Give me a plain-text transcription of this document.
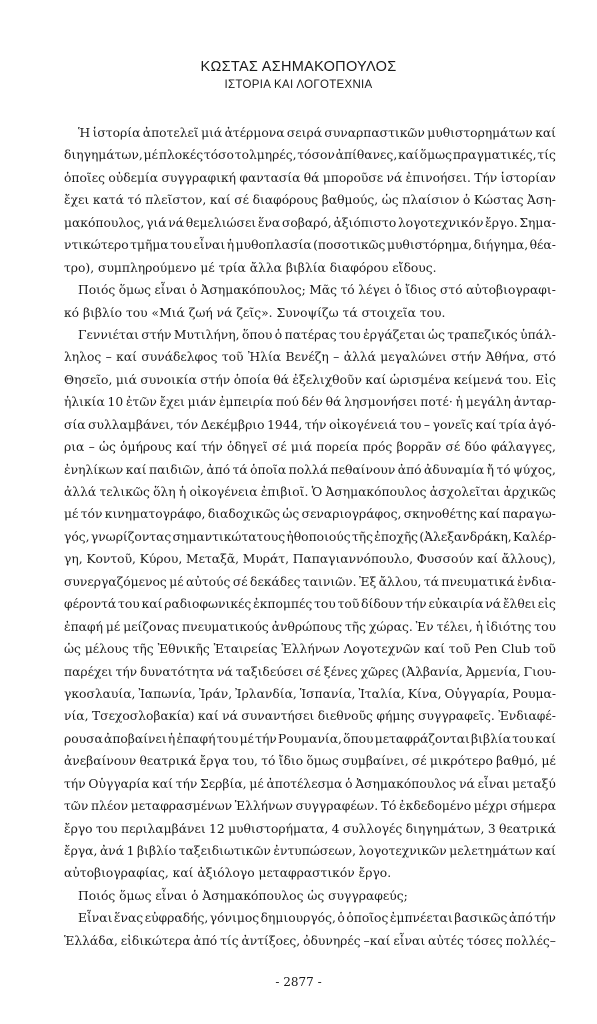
ΚΩΣΤΑΣ ΑΣΗΜΑΚΟΠΟΥΛΟΣ

ΙΣΤΟΡΙΑ ΚΑΙ ΛΟΓΟΤΕΧΝΙΑ

Ἡ ἱστορία ἀποτελεῖ μιά ἀτέρμονα σειρά συναρπαστικῶν μυθιστορημάτων καί
διηγημάτων, μέ πλοκές τόσο τολμηρές, τόσον ἀπίθανες, καί ὅμως πραγματικές, τίς
ὁποῖες οὐδεμία συγγραφική φαντασία θά μποροῦσε νά ἐπινοήσει. Τήν ἱστορίαν
ἔχει κατά τό πλεῖστον, καί σέ διαφόρους βαθμούς, ὡς πλαίσιον ὁ Κώστας Ἀση-
μακόπουλος, γιά νά θεμελιώσει ἕνα σοβαρό, ἀξιόπιστο λογοτεχνικόν ἔργο. Σημα-
ντικώτερο τμῆμα του εἶναι ἡ μυθοπλασία (ποσοτικῶς μυθιστόρημα, διήγημα, θέα-
τρο), συμπληρούμενο μέ τρία ἄλλα βιβλία διαφόρου εἴδους.
Ποιός ὅμως εἶναι ὁ Ἀσημακόπουλος; Μᾶς τό λέγει ὁ ἴδιος στό αὐτοβιογραφι-
κό βιβλίο του «Μιά ζωή νά ζεῖς». Συνοψίζω τά στοιχεῖα του.
Γεννιέται στήν Μυτιλήνη, ὅπου ὁ πατέρας του ἐργάζεται ὡς τραπεζικός ὑπάλ-
ληλος – καί συνάδελφος τοῦ Ἠλία Βενέζη – ἀλλά μεγαλώνει στήν Ἀθήνα, στό
Θησεῖο, μιά συνοικία στήν ὁποία θά ἐξελιχθοῦν καί ὡρισμένα κείμενά του. Εἰς
ἡλικία 10 ἐτῶν ἔχει μιάν ἐμπειρία πού δέν θά λησμονήσει ποτέ· ἡ μεγάλη ἀνταρ-
σία συλλαμβάνει, τόν Δεκέμβριο 1944, τήν οἰκογένειά του – γονεῖς καί τρία ἀγό-
ρια – ὡς ὁμήρους καί τήν ὁδηγεῖ σέ μιά πορεία πρός βορρᾶν σέ δύο φάλαγγες,
ἐνηλίκων καί παιδιῶν, ἀπό τά ὁποῖα πολλά πεθαίνουν ἀπό ἀδυναμία ἤ τό ψύχος,
ἀλλά τελικῶς ὅλη ἡ οἰκογένεια ἐπιβιοῖ. Ὁ Ἀσημακόπουλος ἀσχολεῖται ἀρχικῶς
μέ τόν κινηματογράφο, διαδοχικῶς ὡς σεναριογράφος, σκηνοθέτης καί παραγω-
γός, γνωρίζοντας σημαντικώτατους ἠθοποιούς τῆς ἐποχῆς (Ἀλεξανδράκη, Καλέρ-
γη, Κοντοῦ, Κύρου, Μεταξᾶ, Μυράτ, Παπαγιαννόπουλο, Φυσσούν καί ἄλλους),
συνεργαζόμενος μέ αὐτούς σέ δεκάδες ταινιῶν. Ἐξ ἄλλου, τά πνευματικά ἐνδια-
φέροντά του καί ραδιοφωνικές ἐκπομπές του τοῦ δίδουν τήν εὐκαιρία νά ἔλθει εἰς
ἐπαφή μέ μείζονας πνευματικούς ἀνθρώπους τῆς χώρας. Ἐν τέλει, ἡ ἰδιότης του
ὡς μέλους τῆς Ἐθνικῆς Ἑταιρείας Ἑλλήνων Λογοτεχνῶν καί τοῦ Pen Club τοῦ
παρέχει τήν δυνατότητα νά ταξιδεύσει σέ ξένες χῶρες (Ἀλβανία, Ἀρμενία, Γιου-
γκοσλαυία, Ἰαπωνία, Ἰράν, Ἰρλανδία, Ἱσπανία, Ἰταλία, Κίνα, Οὑγγαρία, Ρουμα-
νία, Τσεχοσλοβακία) καί νά συναντήσει διεθνοῦς φήμης συγγραφεῖς. Ἐνδιαφέ-
ρουσα ἀποβαίνει ἡ ἐπαφή του μέ τήν Ρουμανία, ὅπου μεταφράζονται βιβλία του καί
ἀνεβαίνουν θεατρικά ἔργα του, τό ἴδιο ὅμως συμβαίνει, σέ μικρότερο βαθμό, μέ
τήν Οὑγγαρία καί τήν Σερβία, μέ ἀποτέλεσμα ὁ Ἀσημακόπουλος νά εἶναι μεταξύ
τῶν πλέον μεταφρασμένων Ἑλλήνων συγγραφέων. Τό ἐκδεδομένο μέχρι σήμερα
ἔργο του περιλαμβάνει 12 μυθιστορήματα, 4 συλλογές διηγημάτων, 3 θεατρικά
ἔργα, ἀνά 1 βιβλίο ταξειδιωτικῶν ἐντυπώσεων, λογοτεχνικῶν μελετημάτων καί
αὐτοβιογραφίας, καί ἀξιόλογο μεταφραστικόν ἔργο.
Ποιός ὅμως εἶναι ὁ Ἀσημακόπουλος ὡς συγγραφεύς;
Εἶναι ἕνας εὐφραδής, γόνιμος δημιουργός, ὁ ὁποῖος ἐμπνέεται βασικῶς ἀπό τήν
Ἑλλάδα, εἰδικώτερα ἀπό τίς ἀντίξοες, ὀδυνηρές –καί εἶναι αὐτές τόσες πολλές–
- 2877 -
